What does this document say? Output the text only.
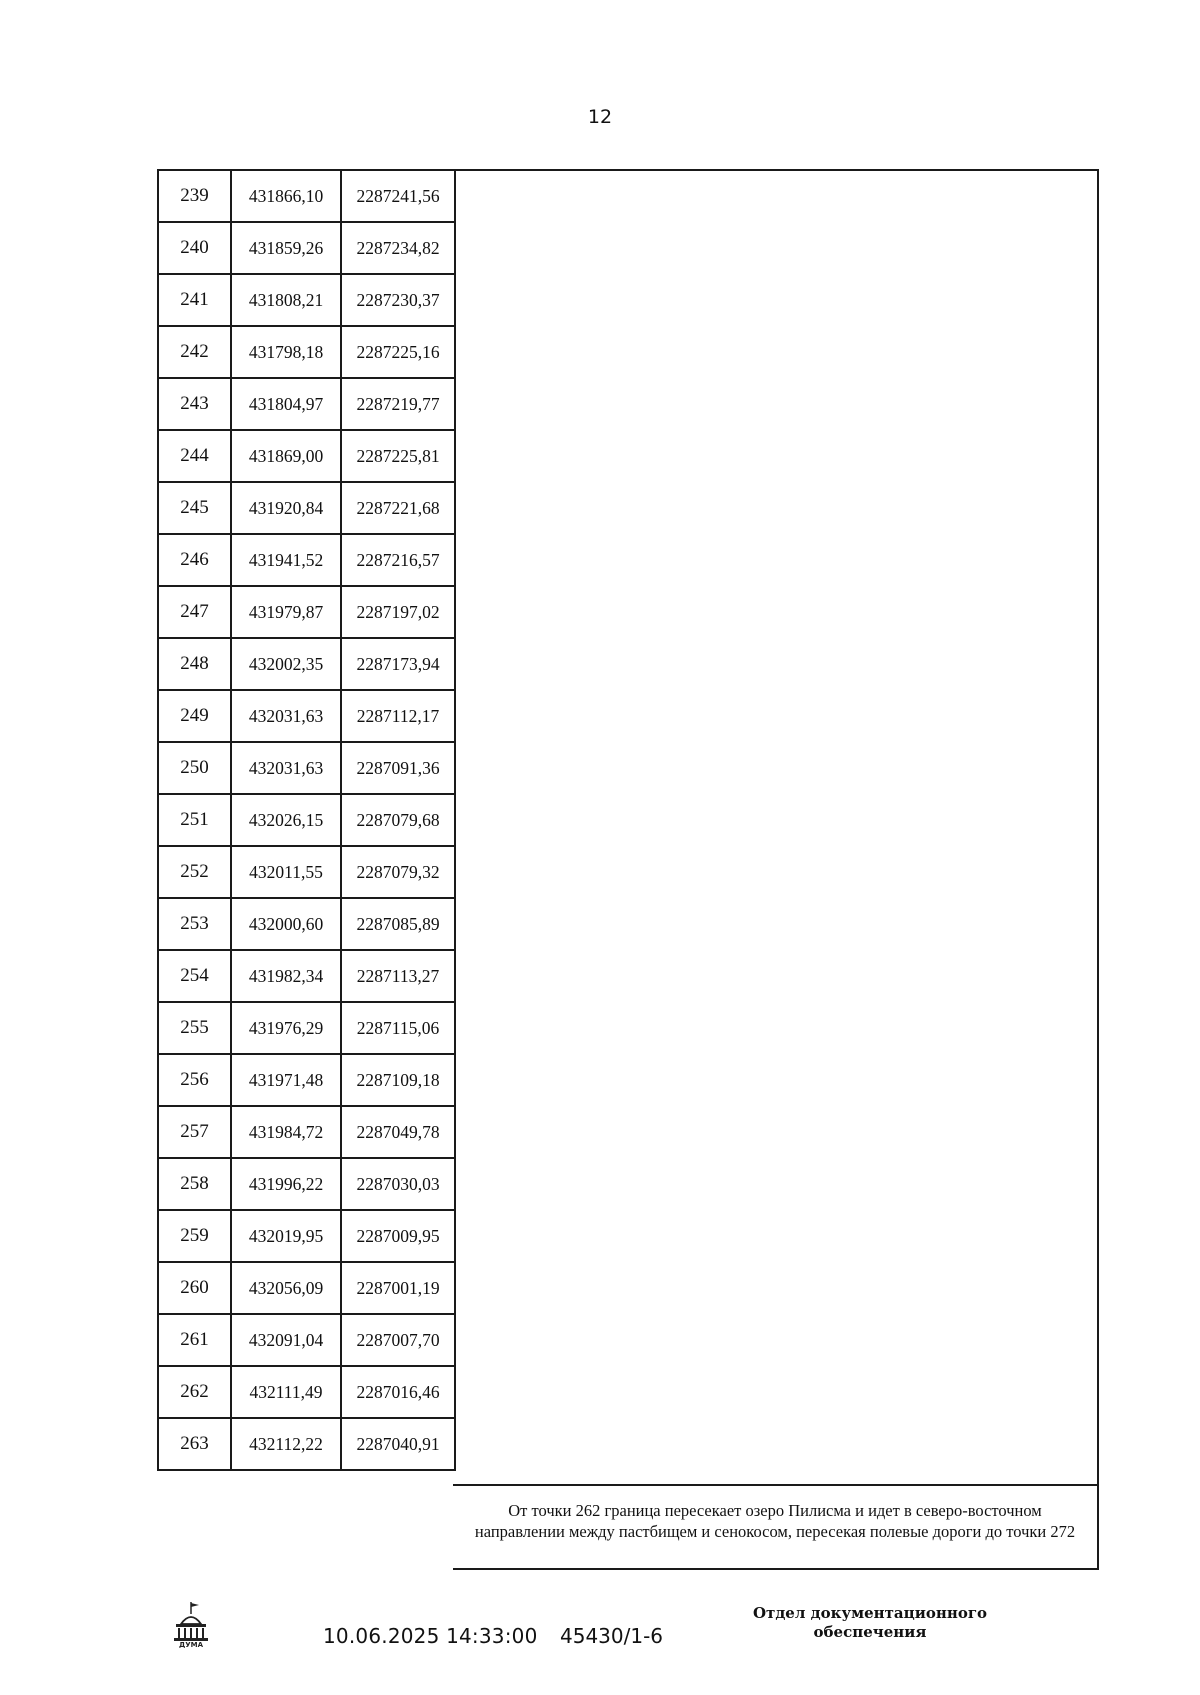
12
239	431866,10	2287241,56
240	431859,26	2287234,82
241	431808,21	2287230,37
242	431798,18	2287225,16
243	431804,97	2287219,77
244	431869,00	2287225,81
245	431920,84	2287221,68
246	431941,52	2287216,57
247	431979,87	2287197,02
248	432002,35	2287173,94
249	432031,63	2287112,17
250	432031,63	2287091,36
251	432026,15	2287079,68
252	432011,55	2287079,32
253	432000,60	2287085,89
254	431982,34	2287113,27
255	431976,29	2287115,06
256	431971,48	2287109,18
257	431984,72	2287049,78
258	431996,22	2287030,03
259	432019,95	2287009,95
260	432056,09	2287001,19
261	432091,04	2287007,70
262	432111,49	2287016,46
263	432112,22	2287040,91
От точки 262 граница пересекает озеро Пилисма и идет в северо-восточном направлении между пастбищем и сенокосом, пересекая полевые дороги до точки 272
ДУМА	10.06.2025 14:33:00 45430/1-6
Отдел документационного
обеспечения
